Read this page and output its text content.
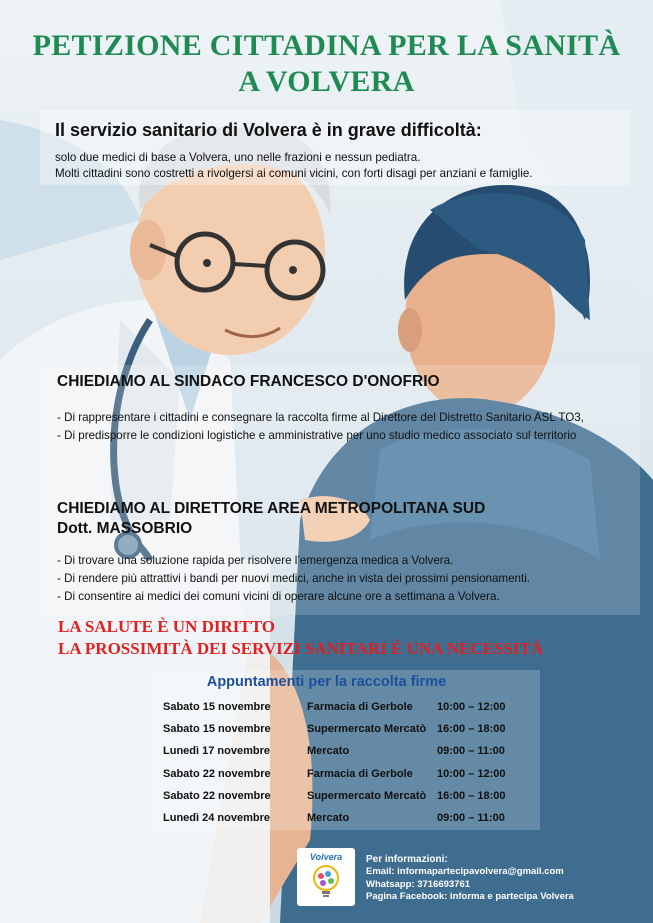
PETIZIONE CITTADINA PER LA SANITÀ
A VOLVERA
Il servizio sanitario di Volvera è in grave difficoltà:
solo due medici di base a Volvera, uno nelle frazioni e nessun pediatra.
Molti cittadini sono costretti a rivolgersi ai comuni vicini, con forti disagi per anziani e famiglie.
CHIEDIAMO AL SINDACO FRANCESCO D'ONOFRIO
- Di rappresentare i cittadini e consegnare la raccolta firme al Direttore del Distretto Sanitario ASL TO3,
- Di predisporre le condizioni logistiche e amministrative per uno studio medico associato sul territorio
CHIEDIAMO AL DIRETTORE AREA METROPOLITANA SUD
Dott. MASSOBRIO
- Di trovare una soluzione rapida per risolvere l’emergenza medica a Volvera.
- Di rendere più attrattivi i bandi per nuovi medici, anche in vista dei prossimi pensionamenti.
- Di consentire ai medici dei comuni vicini di operare alcune ore a settimana a Volvera.
LA SALUTE È UN DIRITTO
LA PROSSIMITÀ DEI SERVIZI SANITARI È UNA NECESSITÀ
Appuntamenti per la raccolta firme
Sabato 15 novembre	Farmacia di Gerbole	10:00 – 12:00
Sabato 15 novembre	Supermercato Mercatò	16:00 – 18:00
Lunedì 17 novembre	Mercato	09:00 – 11:00
Sabato 22 novembre	Farmacia di Gerbole	10:00 – 12:00
Sabato 22 novembre	Supermercato Mercatò	16:00 – 18:00
Lunedì 24 novembre	Mercato	09:00 – 11:00
Volvera	Per informazioni:
Email: informapartecipavolvera@gmail.com
Whatsapp: 3716693761
Pagina Facebook: informa e partecipa Volvera
